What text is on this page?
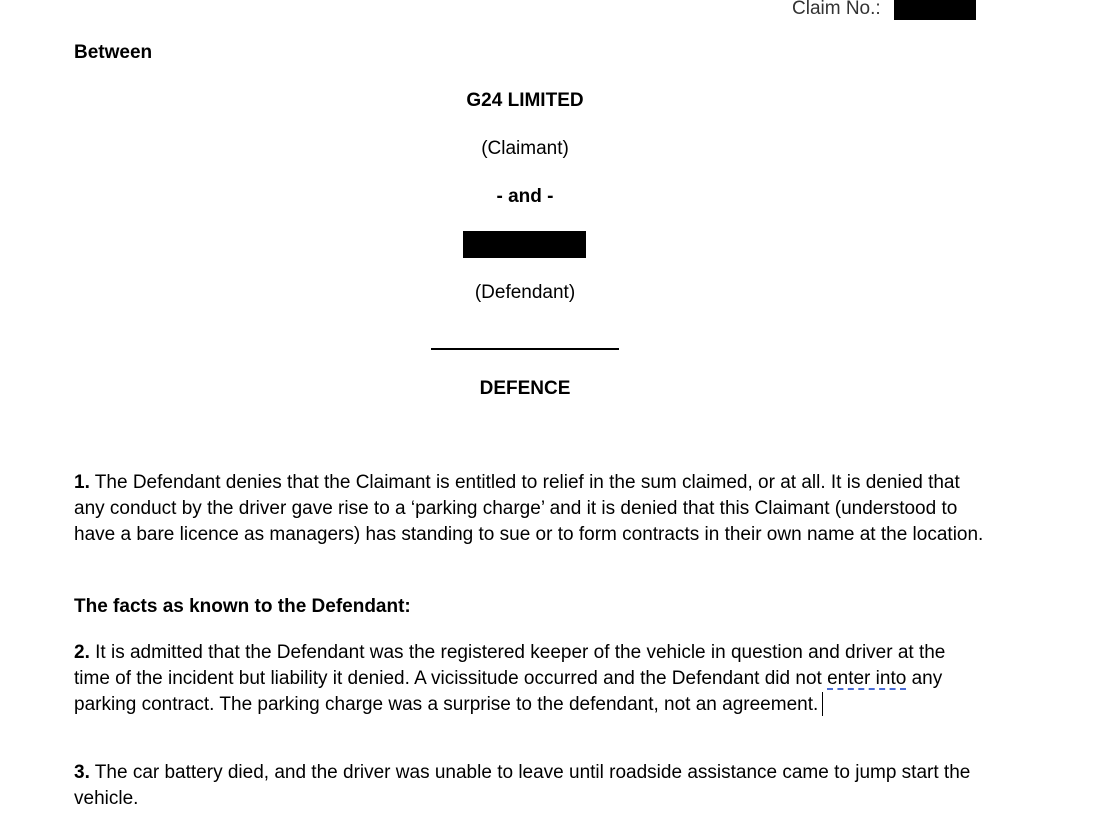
Claim No.:
Between
G24 LIMITED
(Claimant)
- and -
(Defendant)
DEFENCE
1. The Defendant denies that the Claimant is entitled to relief in the sum claimed, or at all. It is denied that any conduct by the driver gave rise to a ‘parking charge’ and it is denied that this Claimant (understood to have a bare licence as managers) has standing to sue or to form contracts in their own name at the location.
The facts as known to the Defendant:
2. It is admitted that the Defendant was the registered keeper of the vehicle in question and driver at the time of the incident but liability it denied. A vicissitude occurred and the Defendant did not enter into any parking contract. The parking charge was a surprise to the defendant, not an agreement.
3. The car battery died, and the driver was unable to leave until roadside assistance came to jump start the vehicle.
